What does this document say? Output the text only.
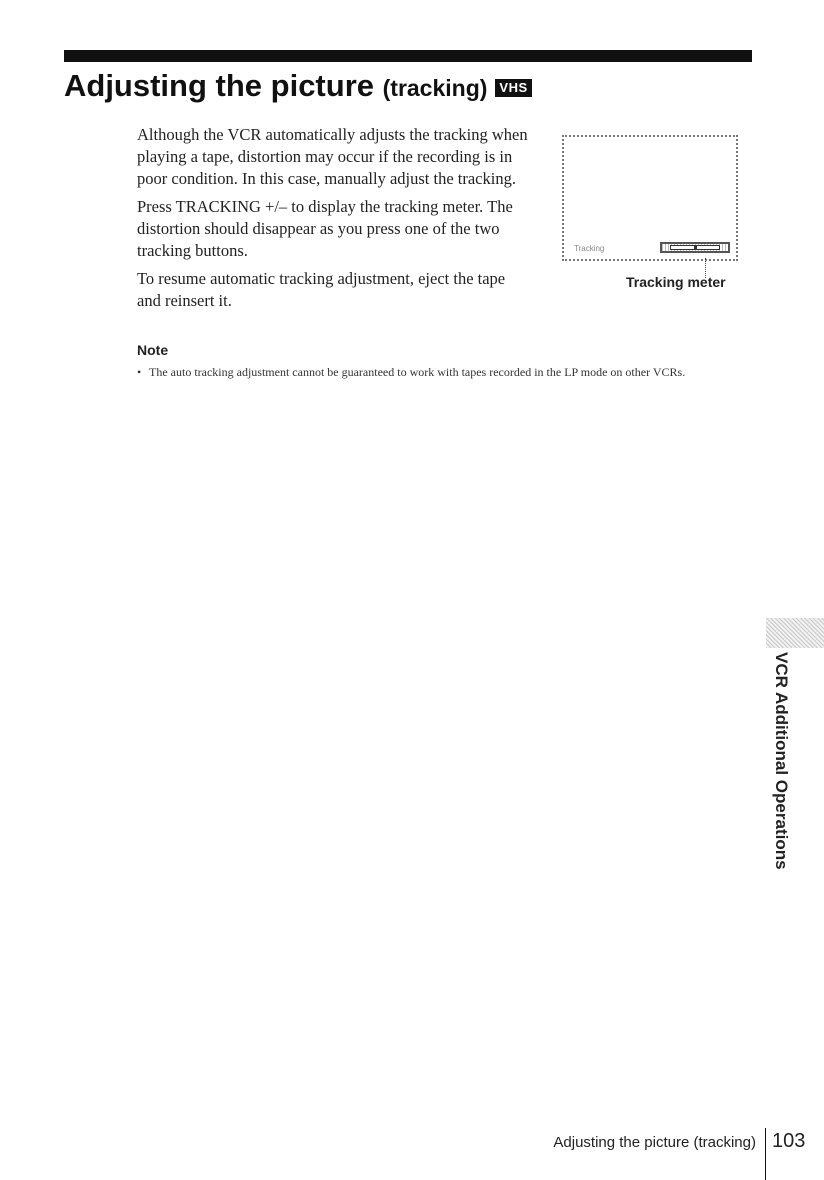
Adjusting the picture (tracking) VHS

Although the VCR automatically adjusts the tracking when playing a tape, distortion may occur if the recording is in poor condition. In this case, manually adjust the tracking.

Press TRACKING +/– to display the tracking meter. The distortion should disappear as you press one of the two tracking buttons.

To resume automatic tracking adjustment, eject the tape and reinsert it.

Tracking
Tracking meter
Note
• The auto tracking adjustment cannot be guaranteed to work with tapes recorded in the LP mode on other VCRs.
VCR Additional Operations
Adjusting the picture (tracking) 103
